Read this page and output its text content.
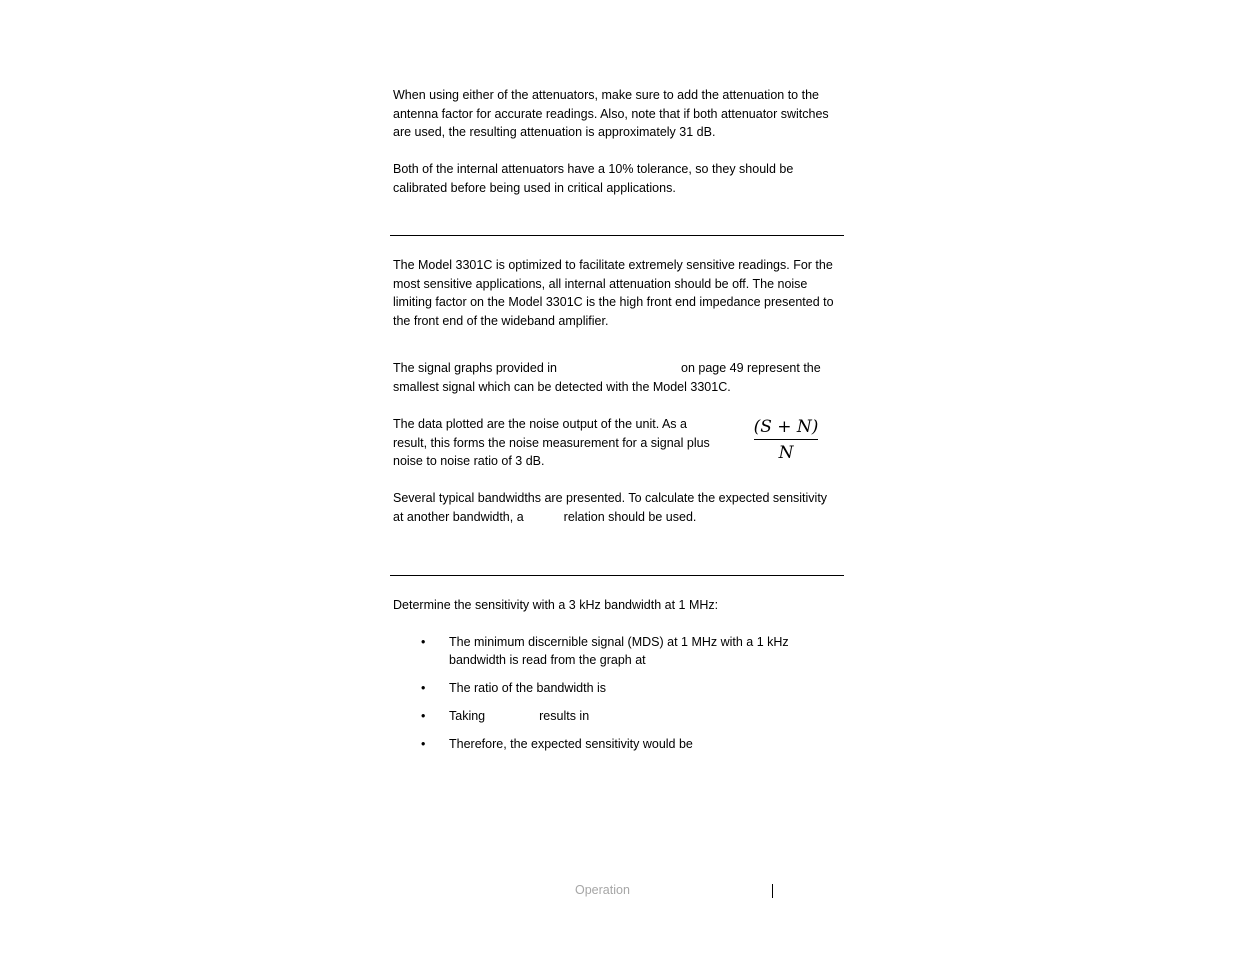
When using either of the attenuators, make sure to add the attenuation to the antenna factor for accurate readings. Also, note that if both attenuator switches are used, the resulting attenuation is approximately 31 dB.

Both of the internal attenuators have a 10% tolerance, so they should be calibrated before being used in critical applications.

The Model 3301C is optimized to facilitate extremely sensitive readings. For the most sensitive applications, all internal attenuation should be off. The noise limiting factor on the Model 3301C is the high front end impedance presented to the front end of the wideband amplifier.

The signal graphs provided in	on page 49 represent the smallest signal which can be detected with the Model 3301C.

The data plotted are the noise output of the unit. As a result, this forms the noise measurement for a signal plus noise to noise ratio of 3 dB.

(S + N)
N

Several typical bandwidths are presented. To calculate the expected sensitivity at another bandwidth, a	relation should be used.

Determine the sensitivity with a 3 kHz bandwidth at 1 MHz:

• The minimum discernible signal (MDS) at 1 MHz with a 1 kHz bandwidth is read from the graph at
• The ratio of the bandwidth is
• Taking	results in
• Therefore, the expected sensitivity would be
Operation
